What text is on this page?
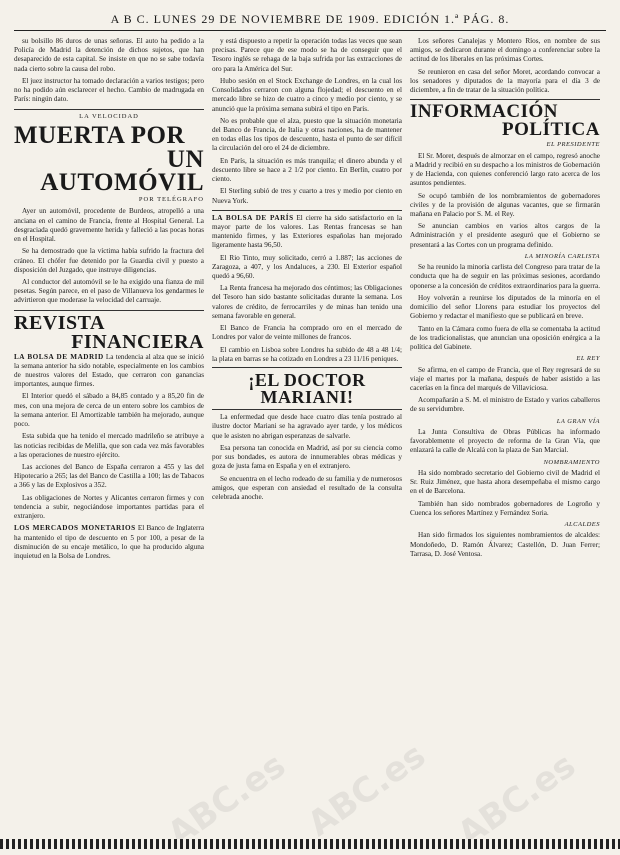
A B C. LUNES 29 DE NOVIEMBRE DE 1909. EDICIÓN 1.ª PÁG. 8.

su bolsillo 86 duros de unas señoras. El auto ha pedido a la Policía de Madrid la detención de dichos sujetos, que han desaparecido de esta capital. Se insiste en que no se sabe todavía nada cierto sobre la causa del robo.

El juez instructor ha tomado declaración a varios testigos; pero no ha podido aún esclarecer el hecho. Cambio de madrugada en París: ningún dato.

LA VELOCIDAD
MUERTA POR
UN AUTOMÓVIL
POR TELÉGRAFO

Ayer un automóvil, procedente de Burdeos, atropelló a una anciana en el camino de Francia, frente al Hospital General. La desgraciada quedó gravemente herida y falleció a las pocas horas en el Hospital.

Se ha demostrado que la víctima había sufrido la fractura del cráneo. El chófer fue detenido por la Guardia civil y puesto a disposición del Juzgado, que instruye diligencias.

Al conductor del automóvil se le ha exigido una fianza de mil pesetas. Según parece, en el paso de Villanueva los gendarmes le advirtieron que moderase la velocidad del carruaje.

REVISTA
FINANCIERA

LA BOLSA DE MADRID La tendencia al alza que se inició la semana anterior ha sido notable, especialmente en los cambios de nuestros valores del Estado, que cerraron con ganancias importantes, aunque firmes.

El Interior quedó el sábado a 84,85 contado y a 85,20 fin de mes, con una mejora de cerca de un entero sobre los cambios de la semana anterior. El Amortizable también ha mejorado, aunque poco.

Esta subida que ha tenido el mercado madrileño se atribuye a las noticias recibidas de Melilla, que son cada vez más favorables a las operaciones de nuestro ejército.

Las acciones del Banco de España cerraron a 455 y las del Hipotecario a 265; las del Banco de Castilla a 100; las de Tabacos a 366 y las de Explosivos a 352.

Las obligaciones de Nortes y Alicantes cerraron firmes y con tendencia a subir, negociándose importantes partidas para el extranjero.

LOS MERCADOS MONETARIOS El Banco de Inglaterra ha mantenido el tipo de descuento en 5 por 100, a pesar de la disminución de su encaje metálico, lo que ha producido alguna inquietud en la Bolsa de Londres.

y está dispuesto a repetir la operación todas las veces que sean precisas. Parece que de ese modo se ha de conseguir que el Tesoro inglés se rehaga de la baja sufrida por las extracciones de oro para la América del Sur.

Hubo sesión en el Stock Exchange de Londres, en la cual los Consolidados cerraron con alguna flojedad; el descuento en el mercado libre se hizo de cuatro a cinco y medio por ciento, y se anunció que la próxima semana subirá el tipo en París.

No es probable que el alza, puesto que la situación monetaria del Banco de Francia, de Italia y otras naciones, ha de mantener en todas ellas los tipos de descuento, hasta el punto de ser difícil la circulación del oro el 24 de diciembre.

En París, la situación es más tranquila; el dinero abunda y el descuento libre se hace a 2 1/2 por ciento. En Berlín, cuatro por ciento.

El Sterling subió de tres y cuarto a tres y medio por ciento en Nueva York.

LA BOLSA DE PARÍS El cierre ha sido satisfactorio en la mayor parte de los valores. Las Rentas francesas se han mantenido firmes, y las Exteriores españolas han mejorado ligeramente hasta 96,50.

El Rio Tinto, muy solicitado, cerró a 1.887; las acciones de Zaragoza, a 407, y los Andaluces, a 230. El Exterior español quedó a 96,60.

La Renta francesa ha mejorado dos céntimos; las Obligaciones del Tesoro han sido bastante solicitadas durante la semana. Los valores de crédito, de ferrocarriles y de minas han tenido una semana favorable en general.

El Banco de Francia ha comprado oro en el mercado de Londres por valor de veinte millones de francos.

El cambio en Lisboa sobre Londres ha subido de 48 a 48 1/4; la plata en barras se ha cotizado en Londres a 23 11/16 peniques.

¡EL DOCTOR MARIANI!

La enfermedad que desde hace cuatro días tenía postrado al ilustre doctor Mariani se ha agravado ayer tarde, y los médicos que le asisten no abrigan esperanzas de salvarle.

Esa persona tan conocida en Madrid, así por su ciencia como por sus bondades, es autora de innumerables obras médicas y goza de justa fama en España y en el extranjero.

Se encuentra en el lecho rodeado de su familia y de numerosos amigos, que esperan con ansiedad el resultado de la consulta celebrada anoche.

Los señores Canalejas y Montero Ríos, en nombre de sus amigos, se dedicaron durante el domingo a conferenciar sobre la actitud de los liberales en las próximas Cortes.

Se reunieron en casa del señor Moret, acordando convocar a los senadores y diputados de la mayoría para el día 3 de diciembre, a fin de tratar de la situación política.

INFORMACIÓN
POLÍTICA
EL PRESIDENTE

El Sr. Moret, después de almorzar en el campo, regresó anoche a Madrid y recibió en su despacho a los ministros de Gobernación y de Hacienda, con quienes conferenció largo rato acerca de los asuntos pendientes.

Se ocupó también de los nombramientos de gobernadores civiles y de la provisión de algunas vacantes, que se firmarán mañana en Palacio por S. M. el Rey.

Se anuncian cambios en varios altos cargos de la Administración y el presidente aseguró que el Gobierno se presentará a las Cortes con un programa definido.

LA MINORÍA CARLISTA

Se ha reunido la minoría carlista del Congreso para tratar de la conducta que ha de seguir en las próximas sesiones, acordando oponerse a la concesión de créditos extraordinarios para la guerra.

Hoy volverán a reunirse los diputados de la minoría en el domicilio del señor Llorens para estudiar los proyectos del Gobierno y redactar el manifiesto que se publicará en breve.

Tanto en la Cámara como fuera de ella se comentaba la actitud de los tradicionalistas, que anuncian una oposición enérgica a la política del Gabinete.

EL REY

Se afirma, en el campo de Francia, que el Rey regresará de su viaje el martes por la mañana, después de haber asistido a las cacerías en la finca del marqués de Villaviciosa.

Acompañarán a S. M. el ministro de Estado y varios caballeros de su servidumbre.

LA GRAN VÍA

La Junta Consultiva de Obras Públicas ha informado favorablemente el proyecto de reforma de la Gran Vía, que enlazará la calle de Alcalá con la plaza de San Marcial.

NOMBRAMIENTO

Ha sido nombrado secretario del Gobierno civil de Madrid el Sr. Ruiz Jiménez, que hasta ahora desempeñaba el mismo cargo en el de Barcelona.

También han sido nombrados gobernadores de Logroño y Cuenca los señores Martínez y Fernández Soria.

ALCALDES

Han sido firmados los siguientes nombramientos de alcaldes: Mondoñedo, D. Ramón Álvarez; Castellón, D. Juan Ferrer; Tarrasa, D. José Ventosa.

ABC.es ABC.es ABC.es
